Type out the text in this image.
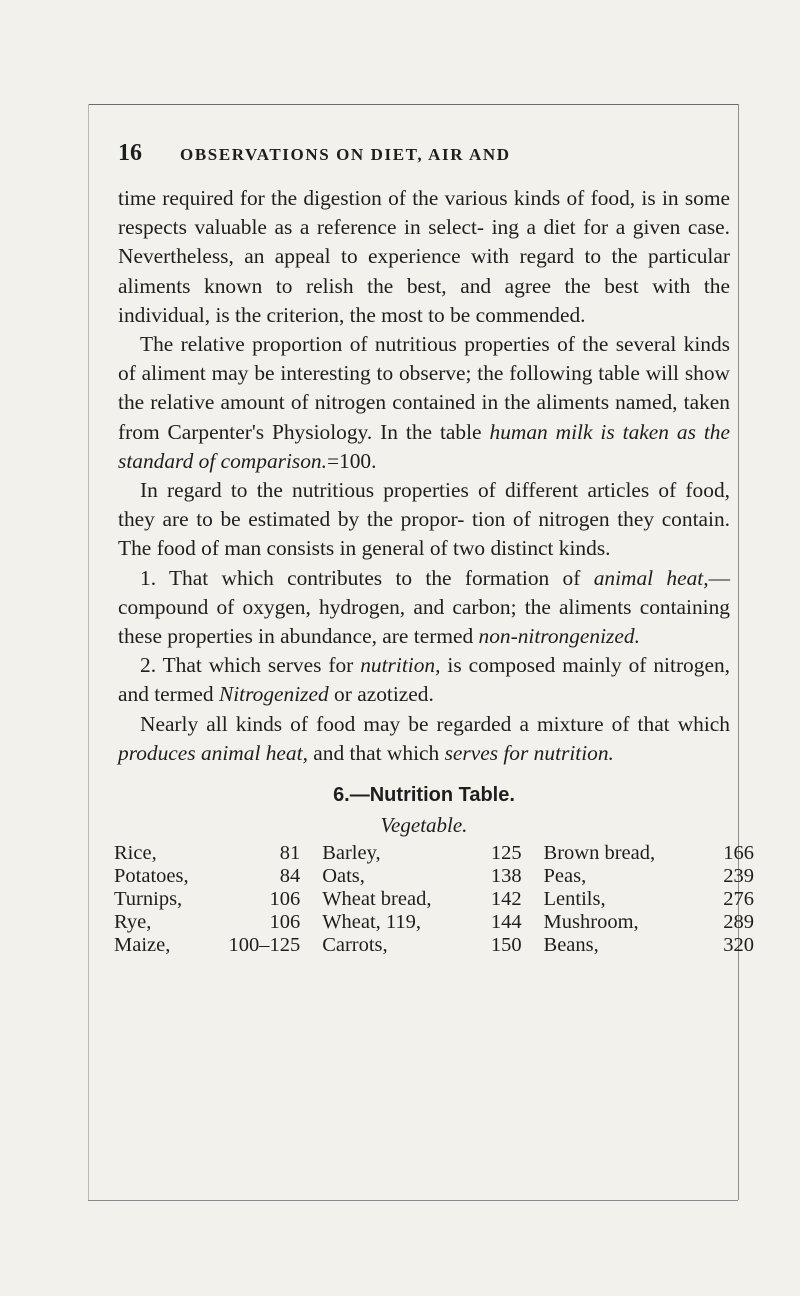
16	OBSERVATIONS ON DIET, AIR AND

time required for the digestion of the various kinds of food, is in some respects valuable as a reference in select- ing a diet for a given case. Nevertheless, an appeal to experience with regard to the particular aliments known to relish the best, and agree the best with the individual, is the criterion, the most to be commended.

The relative proportion of nutritious properties of the several kinds of aliment may be interesting to observe; the following table will show the relative amount of nitrogen contained in the aliments named, taken from Carpenter's Physiology. In the table human milk is taken as the standard of comparison.=100.

In regard to the nutritious properties of different articles of food, they are to be estimated by the propor- tion of nitrogen they contain. The food of man consists in general of two distinct kinds.

1. That which contributes to the formation of animal heat,—compound of oxygen, hydrogen, and carbon; the aliments containing these properties in abundance, are termed non-nitrongenized.

2. That which serves for nutrition, is composed mainly of nitrogen, and termed Nitrogenized or azotized.

Nearly all kinds of food may be regarded a mixture of that which produces animal heat, and that which serves for nutrition.

6.—Nutrition Table.
Vegetable.
Rice,	81		Barley,	125		Brown bread,	166
Potatoes,	84		Oats,	138		Peas,	239
Turnips,	106		Wheat bread,	142		Lentils,	276
Rye,	106		Wheat, 119,	144		Mushroom,	289
Maize,	100–125		Carrots,	150		Beans,	320
